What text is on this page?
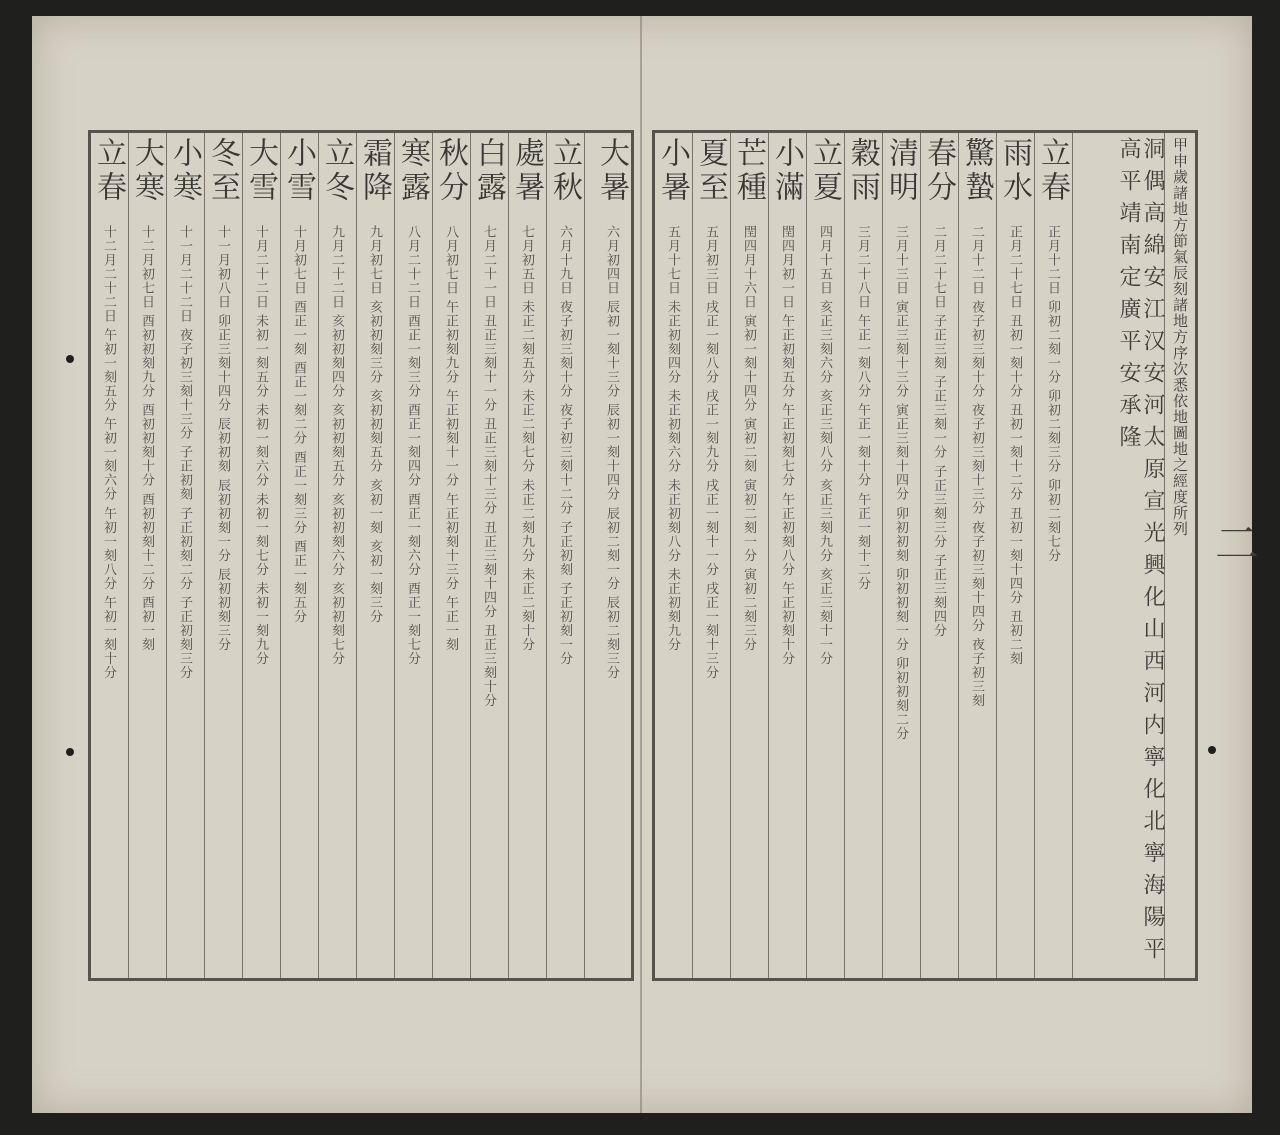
小暑
五月十七日 未正初刻四分 未正初刻六分 未正初刻八分 未正初刻九分
夏至
五月初三日 戌正一刻八分 戌正一刻九分 戌正一刻十一分 戌正一刻十三分
芒種
閏四月十六日 寅初一刻十四分 寅初二刻 寅初二刻一分 寅初二刻三分
小滿
閏四月初一日 午正初刻五分 午正初刻七分 午正初刻八分 午正初刻十分
立夏
四月十五日 亥正三刻六分 亥正三刻八分 亥正三刻九分 亥正三刻十一分
穀雨
三月二十八日 午正一刻八分 午正一刻十分 午正一刻十二分
清明
三月十三日 寅正三刻十三分 寅正三刻十四分 卯初初刻 卯初初刻一分 卯初初刻二分
春分
二月二十七日 子正三刻 子正三刻一分 子正三刻三分 子正三刻四分
驚蟄
二月十二日 夜子初三刻十分 夜子初三刻十三分 夜子初三刻十四分 夜子初三刻
雨水
正月二十七日 丑初一刻十分 丑初一刻十二分 丑初一刻十四分 丑初二刻
立春
正月十二日 卯初二刻一分 卯初二刻三分 卯初二刻七分
洞偶高綿安江汉安河太原宣光興化山西河内寧化北寧海陽平高平靖南定廣平安承隆	甲申歲諸地方節氣辰刻諸地方序次悉依地圖地之經度所列
立春
十二月二十二日 午初一刻五分 午初一刻六分 午初一刻八分 午初一刻十分
大寒
十二月初七日 酉初初刻九分 酉初初刻十分 酉初初刻十二分 酉初一刻
小寒
十一月二十二日 夜子初三刻十三分 子正初刻 子正初刻二分 子正初刻三分
冬至
十一月初八日 卯正三刻十四分 辰初初刻 辰初初刻一分 辰初初刻三分
大雪
十月二十二日 未初一刻五分 未初一刻六分 未初一刻七分 未初一刻九分
小雪
十月初七日 酉正一刻 酉正一刻二分 酉正一刻三分 酉正一刻五分
立冬
九月二十二日 亥初初刻四分 亥初初刻五分 亥初初刻六分 亥初初刻七分
霜降
九月初七日 亥初初刻三分 亥初初刻五分 亥初一刻 亥初一刻三分
寒露
八月二十二日 酉正一刻三分 酉正一刻四分 酉正一刻六分 酉正一刻七分
秋分
八月初七日 午正初刻九分 午正初刻十一分 午正初刻十三分 午正一刻
白露
七月二十一日 丑正三刻十一分 丑正三刻十三分 丑正三刻十四分 丑正三刻十分
處暑
七月初五日 未正二刻五分 未正二刻七分 未正二刻九分 未正二刻十分
立秋
六月十九日 夜子初三刻十分 夜子初三刻十二分 子正初刻 子正初刻一分
大暑
六月初四日 辰初一刻十三分 辰初一刻十四分 辰初二刻一分 辰初二刻三分	二
